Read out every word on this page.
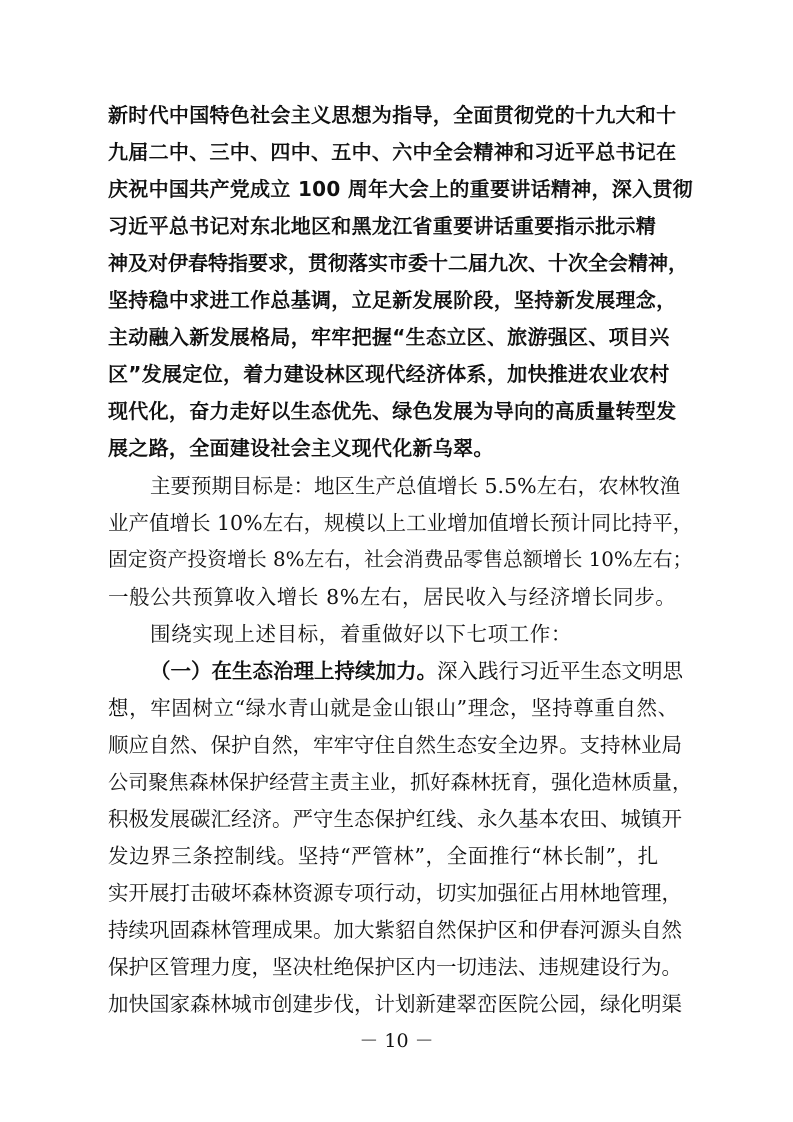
新时代中国特色社会主义思想为指导，全面贯彻党的十九大和十
九届二中、三中、四中、五中、六中全会精神和习近平总书记在
庆祝中国共产党成立 100 周年大会上的重要讲话精神，深入贯彻
习近平总书记对东北地区和黑龙江省重要讲话重要指示批示精
神及对伊春特指要求，贯彻落实市委十二届九次、十次全会精神，
坚持稳中求进工作总基调，立足新发展阶段，坚持新发展理念，
主动融入新发展格局，牢牢把握“生态立区、旅游强区、项目兴
区”发展定位，着力建设林区现代经济体系，加快推进农业农村
现代化，奋力走好以生态优先、绿色发展为导向的高质量转型发
展之路，全面建设社会主义现代化新乌翠。
主要预期目标是：地区生产总值增长 5.5%左右，农林牧渔
业产值增长 10%左右，规模以上工业增加值增长预计同比持平，
固定资产投资增长 8%左右，社会消费品零售总额增长 10%左右；
一般公共预算收入增长 8%左右，居民收入与经济增长同步。
围绕实现上述目标，着重做好以下七项工作：
（一）在生态治理上持续加力。深入践行习近平生态文明思
想，牢固树立“绿水青山就是金山银山”理念，坚持尊重自然、
顺应自然、保护自然，牢牢守住自然生态安全边界。支持林业局
公司聚焦森林保护经营主责主业，抓好森林抚育，强化造林质量，
积极发展碳汇经济。严守生态保护红线、永久基本农田、城镇开
发边界三条控制线。坚持“严管林”，全面推行“林长制”，扎
实开展打击破坏森林资源专项行动，切实加强征占用林地管理，
持续巩固森林管理成果。加大紫貂自然保护区和伊春河源头自然
保护区管理力度，坚决杜绝保护区内一切违法、违规建设行为。
加快国家森林城市创建步伐，计划新建翠峦医院公园，绿化明渠
－ 10 －
